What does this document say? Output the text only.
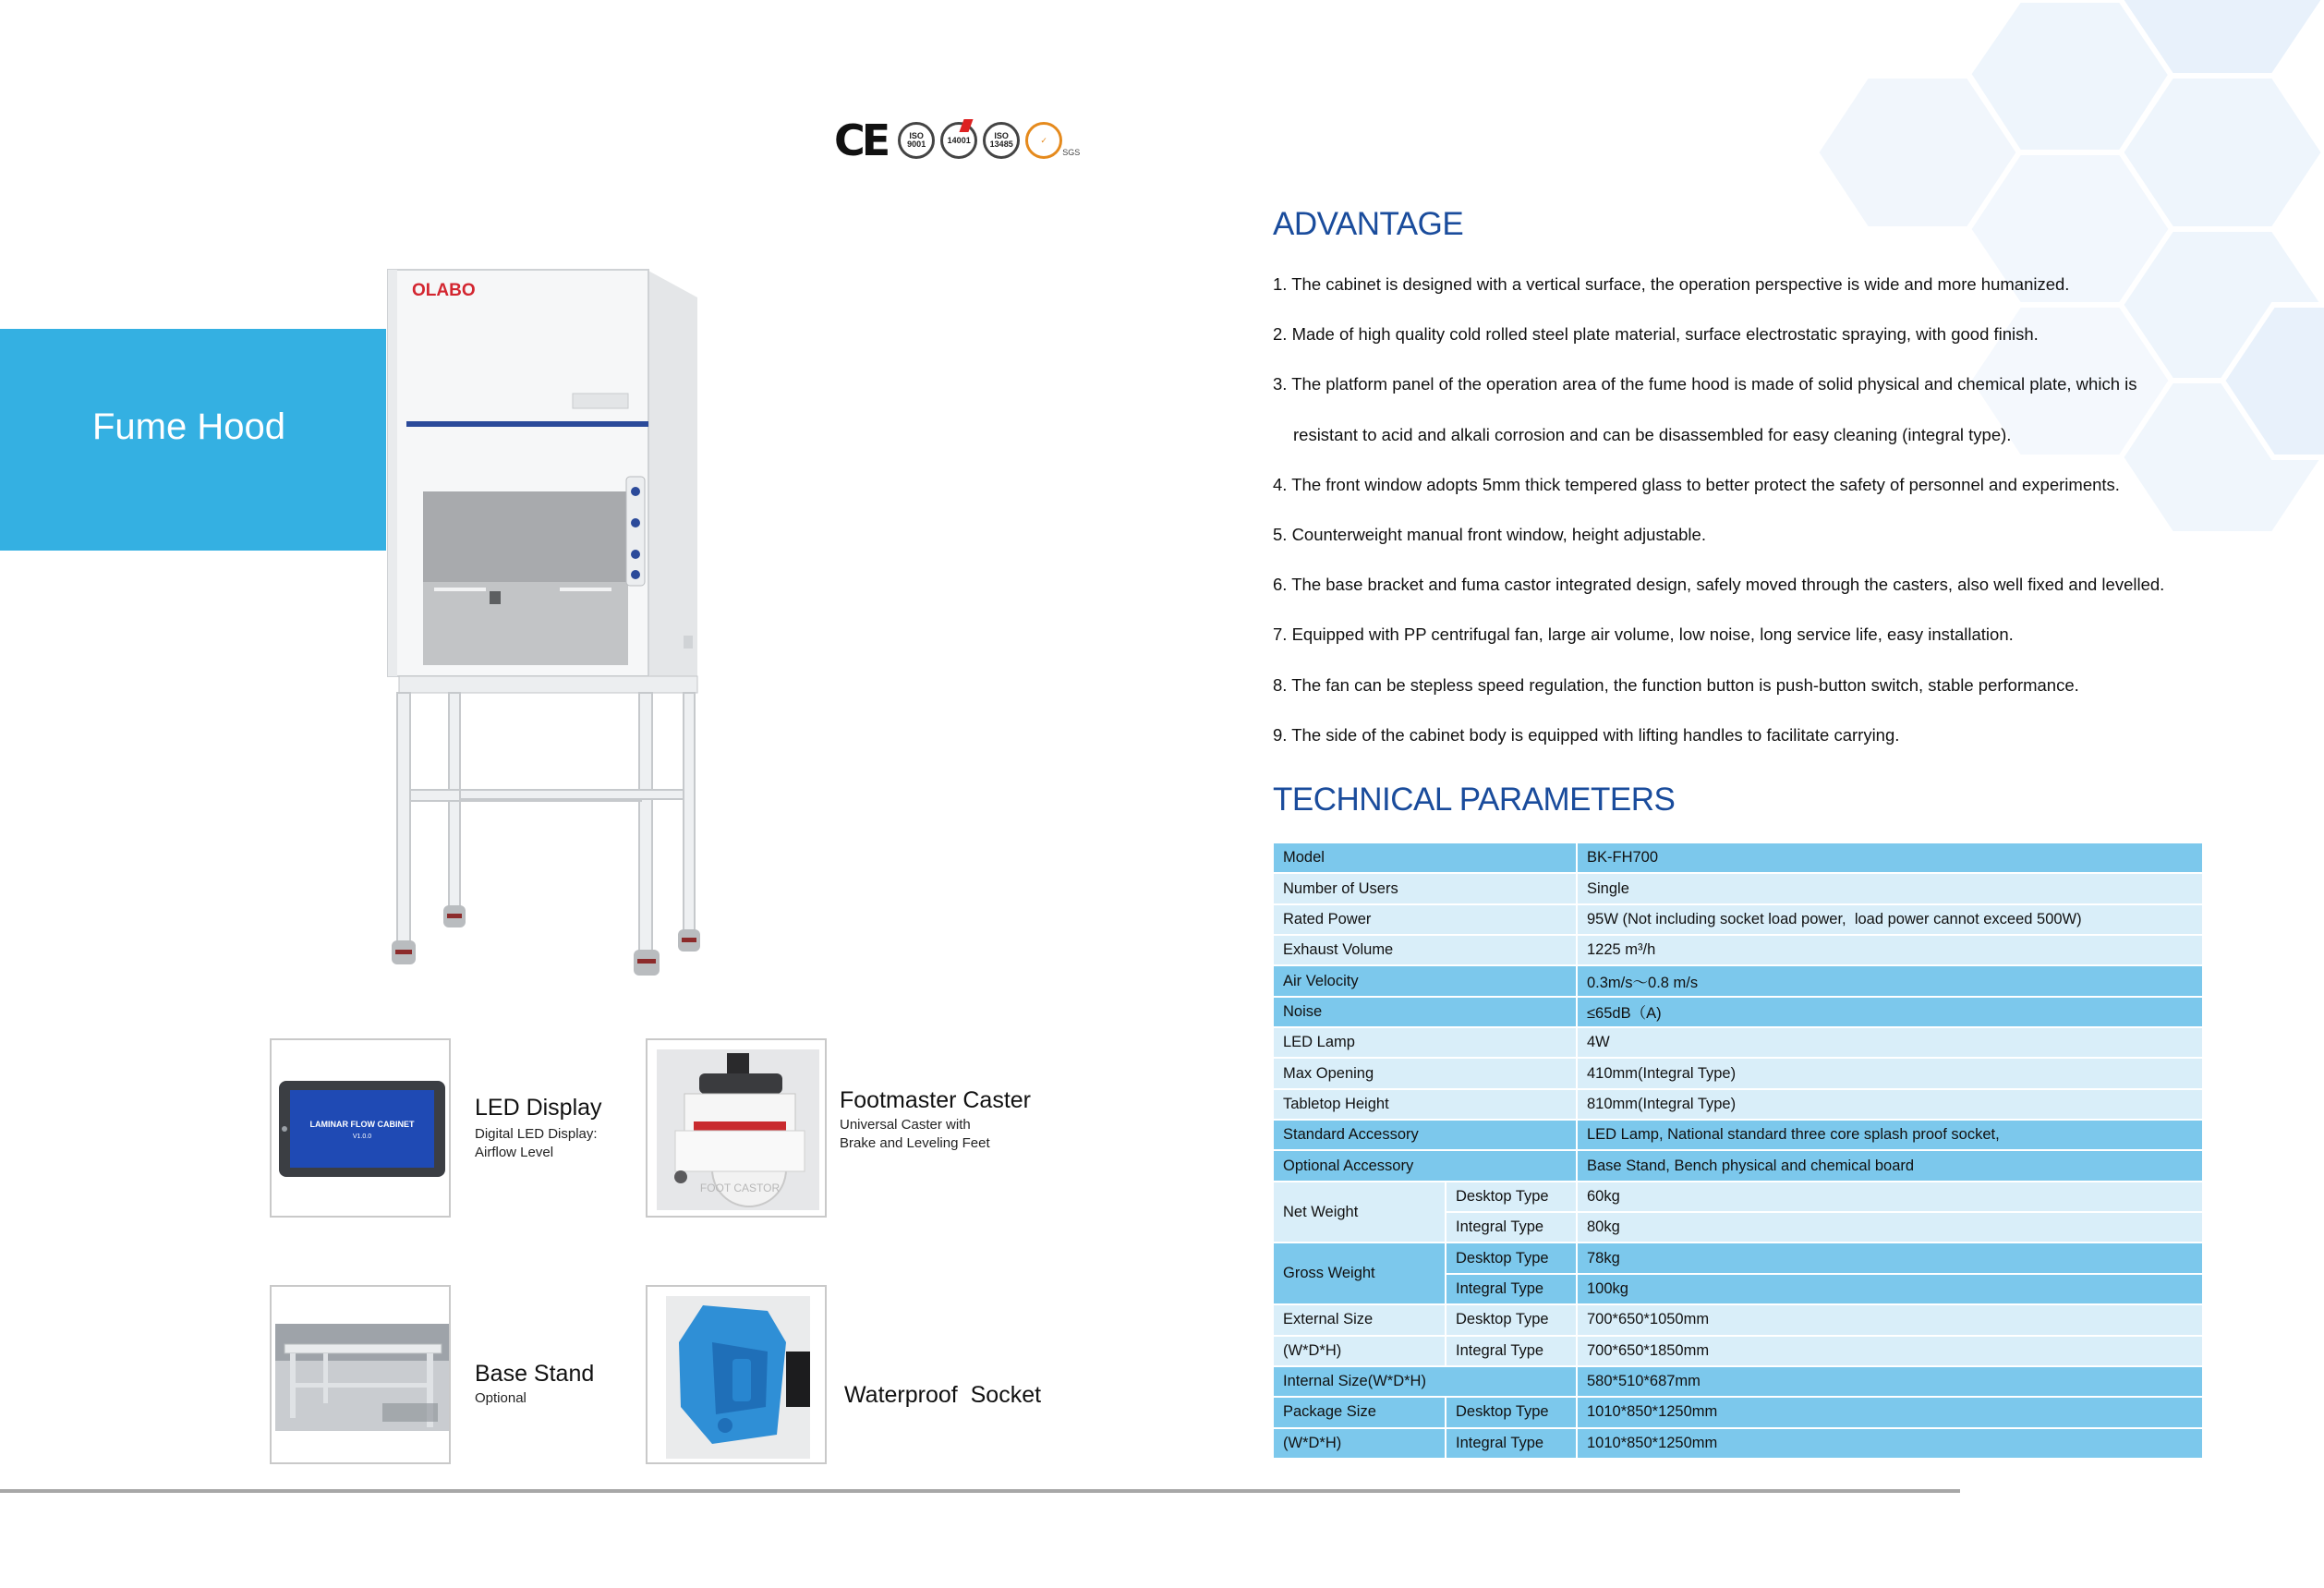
CE	ISO 9001	14001	ISO 13485	✓
SGS
Fume Hood
OLABO
LAMINAR FLOW CABINET
V1.0.0
LED Display
Digital LED Display:
Airflow Level
FOOT CASTOR
Footmaster Caster
Universal Caster with
Brake and Leveling Feet
Base Stand
Optional	Waterproof  Socket
ADVANTAGE
1. The cabinet is designed with a vertical surface, the operation perspective is wide and more humanized.
2. Made of high quality cold rolled steel plate material, surface electrostatic spraying, with good finish.
3. The platform panel of the operation area of the fume hood is made of solid physical and chemical plate, which is
resistant to acid and alkali corrosion and can be disassembled for easy cleaning (integral type).
4. The front window adopts 5mm thick tempered glass to better protect the safety of personnel and experiments.
5. Counterweight manual front window, height adjustable.
6. The base bracket and fuma castor integrated design, safely moved through the casters, also well fixed and levelled.
7. Equipped with PP centrifugal fan, large air volume, low noise, long service life, easy installation.
8. The fan can be stepless speed regulation, the function button is push-button switch, stable performance.
9. The side of the cabinet body is equipped with lifting handles to facilitate carrying.
TECHNICAL PARAMETERS
Model		BK-FH700
Number of Users		Single
Rated Power		95W (Not including socket load power,  load power cannot exceed 500W)
Exhaust Volume		1225 m³/h
Air Velocity		0.3m/s〜0.8 m/s
Noise		≤65dB（A)
LED Lamp		4W
Max Opening		410mm(Integral Type)
Tabletop Height		810mm(Integral Type)
Standard Accessory		LED Lamp, National standard three core splash proof socket,
Optional Accessory		Base Stand, Bench physical and chemical board
Net Weight	Desktop Type	60kg
	Integral Type	80kg
Gross Weight	Desktop Type	78kg
	Integral Type	100kg
External Size	Desktop Type	700*650*1050mm
(W*D*H)	Integral Type	700*650*1850mm
Internal Size(W*D*H)		580*510*687mm
Package Size	Desktop Type	1010*850*1250mm
(W*D*H)	Integral Type	1010*850*1250mm
